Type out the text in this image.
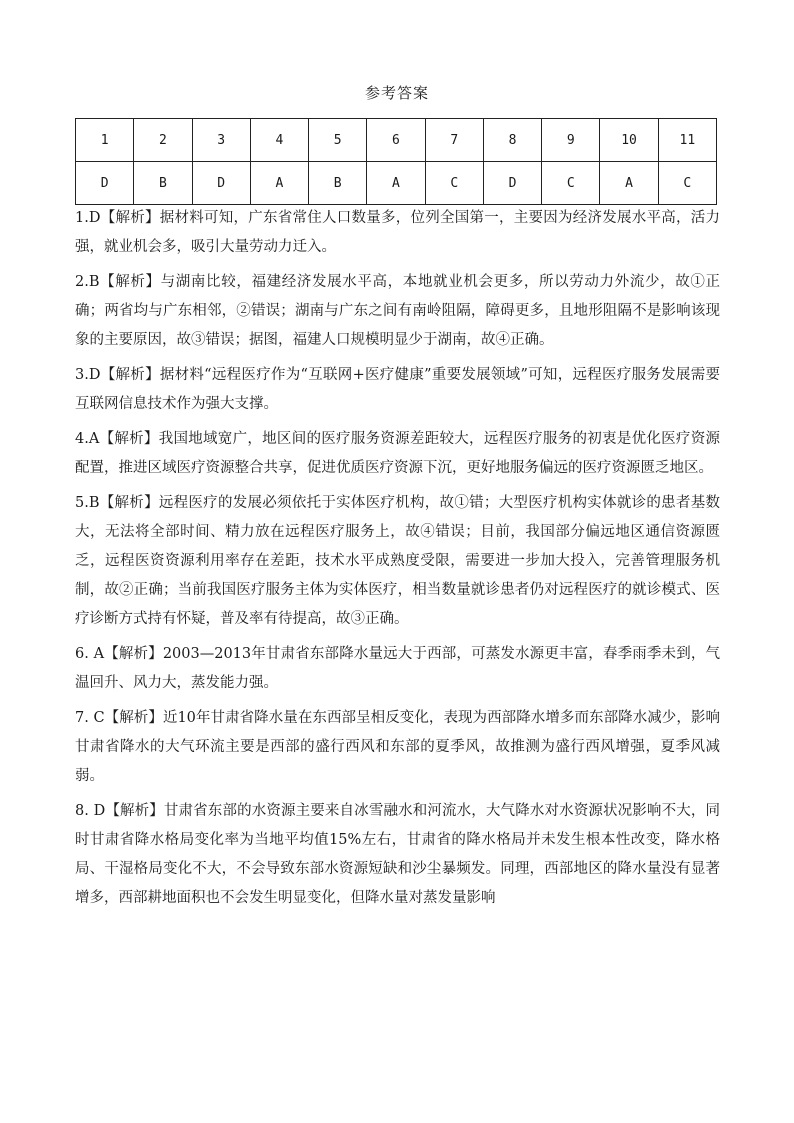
参考答案
1	2	3	4	5	6	7	8	9	10	11
D	B	D	A	B	A	C	D	C	A	C

1.D【解析】据材料可知，广东省常住人口数量多，位列全国第一，主要因为经济发展水平高，活力强，就业机会多，吸引大量劳动力迁入。

2.B【解析】与湖南比较，福建经济发展水平高，本地就业机会更多，所以劳动力外流少，故①正确；两省均与广东相邻，②错误；湖南与广东之间有南岭阻隔，障碍更多，且地形阻隔不是影响该现象的主要原因，故③错误；据图，福建人口规模明显少于湖南，故④正确。

3.D【解析】据材料“远程医疗作为“互联网+医疗健康”重要发展领域”可知，远程医疗服务发展需要互联网信息技术作为强大支撑。

4.A【解析】我国地域宽广，地区间的医疗服务资源差距较大，远程医疗服务的初衷是优化医疗资源配置，推进区域医疗资源整合共享，促进优质医疗资源下沉，更好地服务偏远的医疗资源匮乏地区。

5.B【解析】远程医疗的发展必须依托于实体医疗机构，故①错；大型医疗机构实体就诊的患者基数大，无法将全部时间、精力放在远程医疗服务上，故④错误；目前，我国部分偏远地区通信资源匮乏，远程医资资源利用率存在差距，技术水平成熟度受限，需要进一步加大投入，完善管理服务机制，故②正确；当前我国医疗服务主体为实体医疗，相当数量就诊患者仍对远程医疗的就诊模式、医疗诊断方式持有怀疑，普及率有待提高，故③正确。

6. A【解析】2003—2013年甘肃省东部降水量远大于西部，可蒸发水源更丰富，春季雨季未到，气温回升、风力大，蒸发能力强。

7. C【解析】近10年甘肃省降水量在东西部呈相反变化，表现为西部降水增多而东部降水减少，影响甘肃省降水的大气环流主要是西部的盛行西风和东部的夏季风，故推测为盛行西风增强，夏季风减弱。

8. D【解析】甘肃省东部的水资源主要来自冰雪融水和河流水，大气降水对水资源状况影响不大，同时甘肃省降水格局变化率为当地平均值15%左右，甘肃省的降水格局并未发生根本性改变，降水格局、干湿格局变化不大，不会导致东部水资源短缺和沙尘暴频发。同理，西部地区的降水量没有显著增多，西部耕地面积也不会发生明显变化，但降水量对蒸发量影响
